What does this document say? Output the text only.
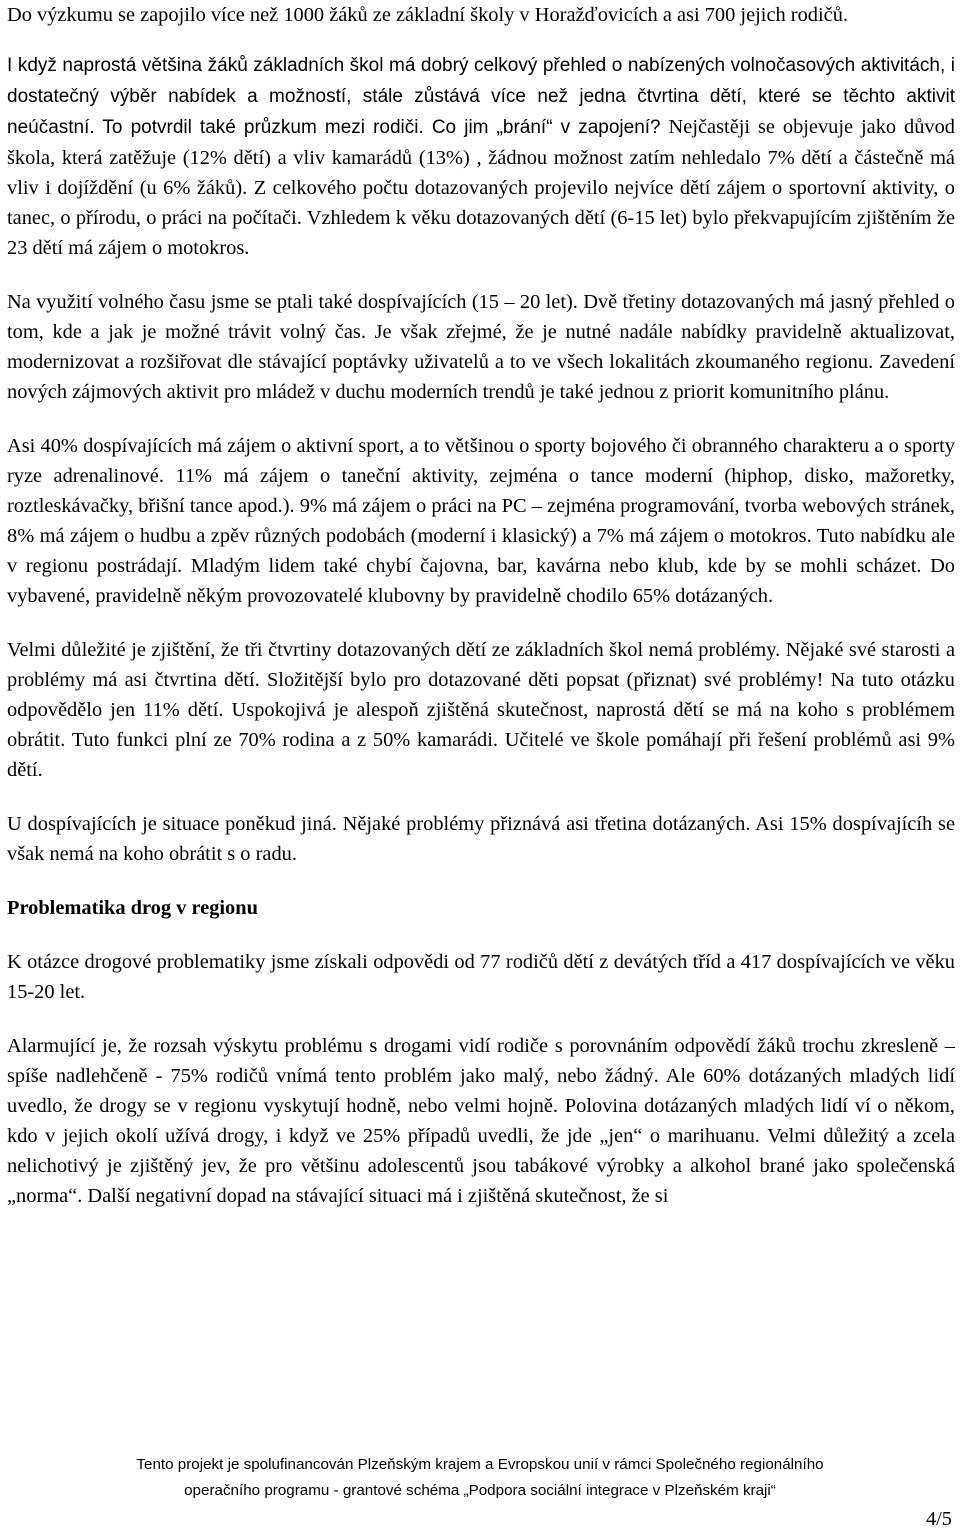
Do výzkumu se zapojilo více než 1000 žáků ze základní školy v Horažďovicích a asi 700 jejich rodičů.

I když naprostá většina žáků základních škol má dobrý celkový přehled o nabízených volnočasových aktivitách, i dostatečný výběr nabídek a možností, stále zůstává více než jedna čtvrtina dětí, které se těchto aktivit neúčastní. To potvrdil také průzkum mezi rodiči. Co jim „brání“ v zapojení? Nejčastěji se objevuje jako důvod škola, která zatěžuje (12% dětí) a vliv kamarádů (13%) , žádnou možnost zatím nehledalo 7% dětí a částečně má vliv i dojíždění (u 6% žáků). Z celkového počtu dotazovaných projevilo nejvíce dětí zájem o sportovní aktivity, o tanec, o přírodu, o práci na počítači. Vzhledem k věku dotazovaných dětí (6-15 let) bylo překvapujícím zjištěním že 23 dětí má zájem o motokros.

Na využití volného času jsme se ptali také dospívajících (15 – 20 let). Dvě třetiny dotazovaných má jasný přehled o tom, kde a jak je možné trávit volný čas. Je však zřejmé, že je nutné nadále nabídky pravidelně aktualizovat, modernizovat a rozšiřovat dle stávající poptávky uživatelů a to ve všech lokalitách zkoumaného regionu. Zavedení nových zájmových aktivit pro mládež v duchu moderních trendů je také jednou z priorit komunitního plánu.

Asi 40% dospívajících má zájem o aktivní sport, a to většinou o sporty bojového či obranného charakteru a o sporty ryze adrenalinové. 11% má zájem o taneční aktivity, zejména o tance moderní (hiphop, disko, mažoretky, roztleskávačky, břišní tance apod.). 9% má zájem o práci na PC – zejména programování, tvorba webových stránek, 8% má zájem o hudbu a zpěv různých podobách (moderní i klasický) a 7% má zájem o motokros. Tuto nabídku ale v regionu postrádají. Mladým lidem také chybí čajovna, bar, kavárna nebo klub, kde by se mohli scházet. Do vybavené, pravidelně někým provozovatelé klubovny by pravidelně chodilo 65% dotázaných.

Velmi důležité je zjištění, že tři čtvrtiny dotazovaných dětí ze základních škol nemá problémy. Nějaké své starosti a problémy má asi čtvrtina dětí. Složitější bylo pro dotazované děti popsat (přiznat) své problémy! Na tuto otázku odpovědělo jen 11% dětí. Uspokojivá je alespoň zjištěná skutečnost, naprostá dětí se má na koho s problémem obrátit. Tuto funkci plní ze 70% rodina a z 50% kamarádi. Učitelé ve škole pomáhají při řešení problémů asi 9% dětí.

U dospívajících je situace poněkud jiná. Nějaké problémy přiznává asi třetina dotázaných. Asi 15% dospívajícíh se však nemá na koho obrátit s o radu.

Problematika drog v regionu

K otázce drogové problematiky jsme získali odpovědi od 77 rodičů dětí z devátých tříd a 417 dospívajících ve věku 15-20 let.

Alarmující je, že rozsah výskytu problému s drogami vidí rodiče s porovnáním odpovědí žáků trochu zkresleně – spíše nadlehčeně - 75% rodičů vnímá tento problém jako malý, nebo žádný. Ale 60% dotázaných mladých lidí uvedlo, že drogy se v regionu vyskytují hodně, nebo velmi hojně. Polovina dotázaných mladých lidí ví o někom, kdo v jejich okolí užívá drogy, i když ve 25% případů uvedli, že jde „jen“ o marihuanu. Velmi důležitý a zcela nelichotivý je zjištěný jev, že pro většinu adolescentů jsou tabákové výrobky a alkohol brané jako společenská „norma“. Další negativní dopad na stávající situaci má i zjištěná skutečnost, že si

Tento projekt je spolufinancován Plzeňským krajem a Evropskou unií v rámci Společného regionálního
operačního programu - grantové schéma „Podpora sociální integrace v Plzeňském kraji“
4/5
